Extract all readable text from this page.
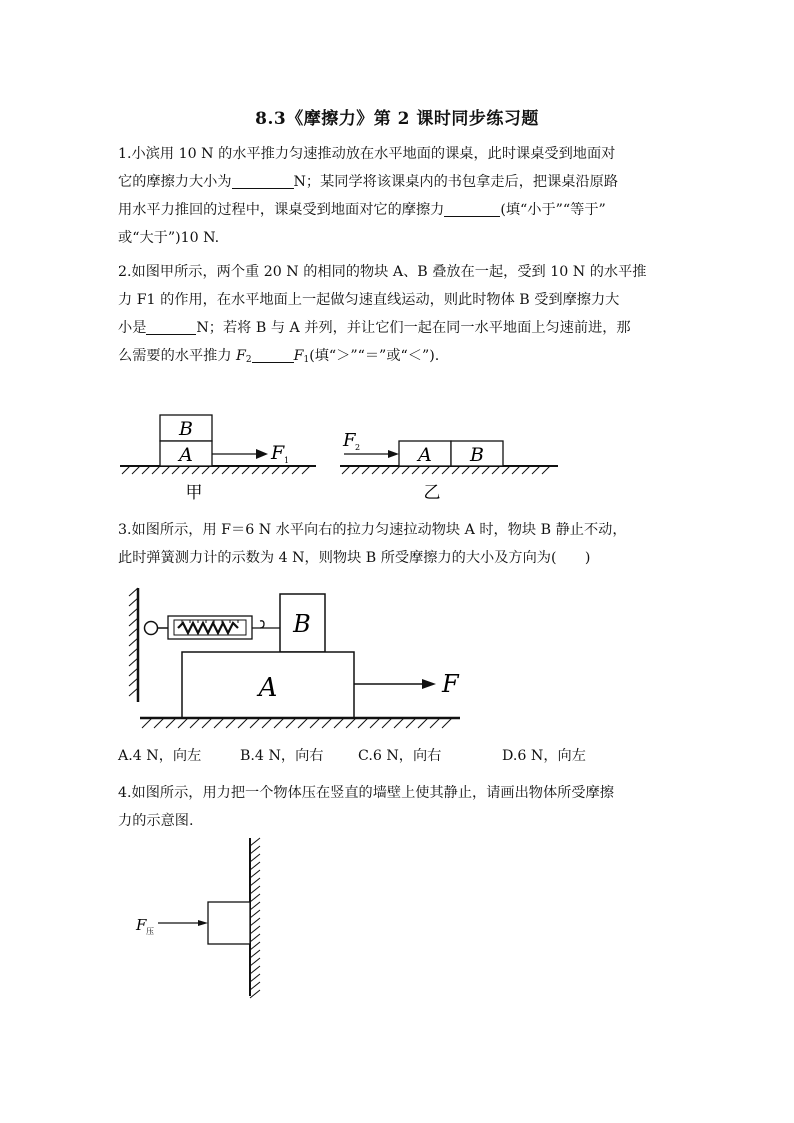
8.3《摩擦力》第 2 课时同步练习题
1.小滨用 10 N 的水平推力匀速推动放在水平地面的课桌，此时课桌受到地面对
它的摩擦力大小为	N；某同学将该课桌内的书包拿走后，把课桌沿原路
用水平力推回的过程中，课桌受到地面对它的摩擦力	(填“小于”“等于”
或“大于”)10 N.
2.如图甲所示，两个重 20 N 的相同的物块 A、B 叠放在一起，受到 10 N 的水平推
力 F1 的作用，在水平地面上一起做匀速直线运动，则此时物体 B 受到摩擦力大
小是	N；若将 B 与 A 并列，并让它们一起在同一水平地面上匀速前进，那
么需要的水平推力 $F_2$	$F_1$(填“＞”“＝”或“＜”).
B
A	F 1
甲
F 2	A B
乙
3.如图所示，用 F＝6 N 水平向右的拉力匀速拉动物块 A 时，物块 B 静止不动，
此时弹簧测力计的示数为 4 N，则物块 B 所受摩擦力的大小及方向为(　　)
B
A	F
A.4 N，向左	B.4 N，向右 C.6 N，向右	D.6 N，向左
4.如图所示，用力把一个物体压在竖直的墙壁上使其静止，请画出物体所受摩擦
力的示意图.
F 压
